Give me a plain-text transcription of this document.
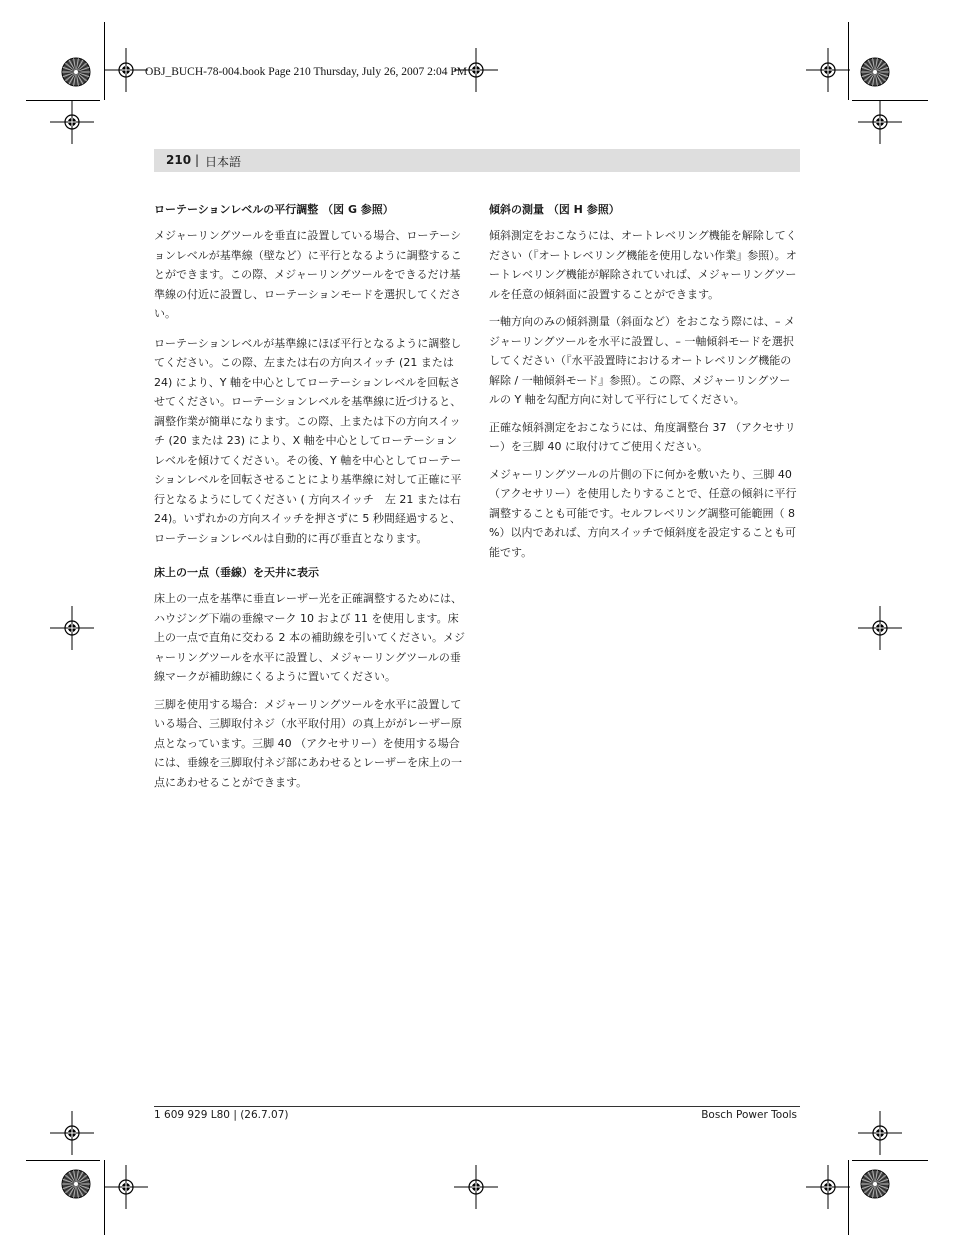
OBJ_BUCH-78-004.book Page 210 Thursday, July 26, 2007 2:04 PM
210 | 日本語
ローテーションレベルの平行調整 （図 G 参照）

メジャーリングツールを垂直に設置している場合、ローテーションレベルが基準線（壁など）に平行となるように調整することができます。この際、メジャーリングツールをできるだけ基準線の付近に設置し、ローテーションモードを選択してください。

ローテーションレベルが基準線にほぼ平行となるように調整してください。この際、左または右の方向スイッチ (21 または 24) により、Y 軸を中心としてローテーションレベルを回転させてください。ローテーションレベルを基準線に近づけると、調整作業が簡単になります。この際、上または下の方向スイッチ (20 または 23) により、X 軸を中心としてローテーションレベルを傾けてください。その後、Y 軸を中心としてローテーションレベルを回転させることにより基準線に対して正確に平行となるようにしてください ( 方向スイッチ　左 21 または右 24)。いずれかの方向スイッチを押さずに 5 秒間経過すると、ローテーションレベルは自動的に再び垂直となります。

床上の一点（垂線）を天井に表示

床上の一点を基準に垂直レーザー光を正確調整するためには、ハウジング下端の垂線マーク 10 および 11 を使用します。床上の一点で直角に交わる 2 本の補助線を引いてください。メジャーリングツールを水平に設置し、メジャーリングツールの垂線マークが補助線にくるように置いてください。

三脚を使用する場合：メジャーリングツールを水平に設置している場合、三脚取付ネジ（水平取付用）の真上ががレーザー原点となっています。三脚 40 （アクセサリー）を使用する場合には、垂線を三脚取付ネジ部にあわせるとレーザーを床上の一点にあわせることができます。

傾斜の測量 （図 H 参照）

傾斜測定をおこなうには、オートレベリング機能を解除してください（『オートレベリング機能を使用しない作業』参照）。オートレベリング機能が解除されていれば、メジャーリングツールを任意の傾斜面に設置することができます。

一軸方向のみの傾斜測量（斜面など）をおこなう際には、– メジャーリングツールを水平に設置し、– 一軸傾斜モードを選択してください（『水平設置時におけるオートレベリング機能の解除 / 一軸傾斜モード』参照）。この際、メジャーリングツールの Y 軸を勾配方向に対して平行にしてください。

正確な傾斜測定をおこなうには、角度調整台 37 （アクセサリー）を三脚 40 に取付けてご使用ください。

メジャーリングツールの片側の下に何かを敷いたり、三脚 40 （アクセサリー）を使用したりすることで、任意の傾斜に平行調整することも可能です。セルフレベリング調整可能範囲（ 8 %）以内であれば、方向スイッチで傾斜度を設定することも可能です。

1 609 929 L80 | (26.7.07)	Bosch Power Tools
